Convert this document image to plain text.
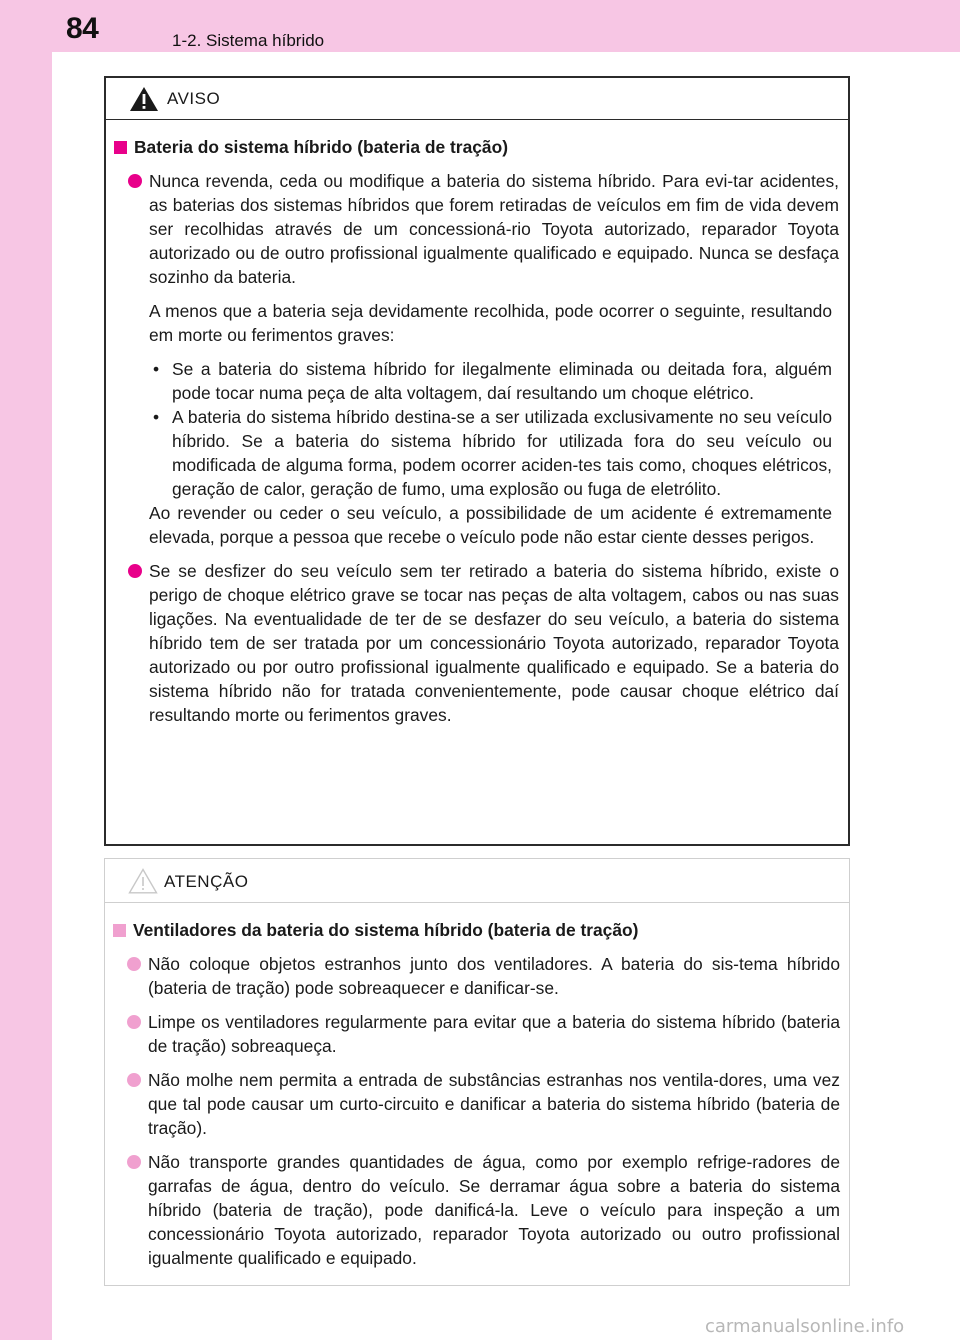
84	1-2. Sistema híbrido
AVISO
Bateria do sistema híbrido (bateria de tração)

Nunca revenda, ceda ou modifique a bateria do sistema híbrido. Para evi-tar acidentes, as baterias dos sistemas híbridos que forem retiradas de veículos em fim de vida devem ser recolhidas através de um concessioná-rio Toyota autorizado, reparador Toyota autorizado ou de outro profissional igualmente qualificado e equipado. Nunca se desfaça sozinho da bateria.

A menos que a bateria seja devidamente recolhida, pode ocorrer o seguinte, resultando em morte ou ferimentos graves:
• Se a bateria do sistema híbrido for ilegalmente eliminada ou deitada fora, alguém pode tocar numa peça de alta voltagem, daí resultando um choque elétrico.
• A bateria do sistema híbrido destina-se a ser utilizada exclusivamente no seu veículo híbrido. Se a bateria do sistema híbrido for utilizada fora do seu veículo ou modificada de alguma forma, podem ocorrer aciden-tes tais como, choques elétricos, geração de calor, geração de fumo, uma explosão ou fuga de eletrólito.
Ao revender ou ceder o seu veículo, a possibilidade de um acidente é extremamente elevada, porque a pessoa que recebe o veículo pode não estar ciente desses perigos.

Se se desfizer do seu veículo sem ter retirado a bateria do sistema híbrido, existe o perigo de choque elétrico grave se tocar nas peças de alta voltagem, cabos ou nas suas ligações. Na eventualidade de ter de se desfazer do seu veículo, a bateria do sistema híbrido tem de ser tratada por um concessionário Toyota autorizado, reparador Toyota autorizado ou por outro profissional igualmente qualificado e equipado. Se a bateria do sistema híbrido não for tratada convenientemente, pode causar choque elétrico daí resultando morte ou ferimentos graves.

ATENÇÃO
Ventiladores da bateria do sistema híbrido (bateria de tração)

Não coloque objetos estranhos junto dos ventiladores. A bateria do sis-tema híbrido (bateria de tração) pode sobreaquecer e danificar-se.

Limpe os ventiladores regularmente para evitar que a bateria do sistema híbrido (bateria de tração) sobreaqueça.

Não molhe nem permita a entrada de substâncias estranhas nos ventila-dores, uma vez que tal pode causar um curto-circuito e danificar a bateria do sistema híbrido (bateria de tração).

Não transporte grandes quantidades de água, como por exemplo refrige-radores de garrafas de água, dentro do veículo. Se derramar água sobre a bateria do sistema híbrido (bateria de tração), pode danificá-la. Leve o veículo para inspeção a um concessionário Toyota autorizado, reparador Toyota autorizado ou outro profissional igualmente qualificado e equipado.

carmanualsonline.info
